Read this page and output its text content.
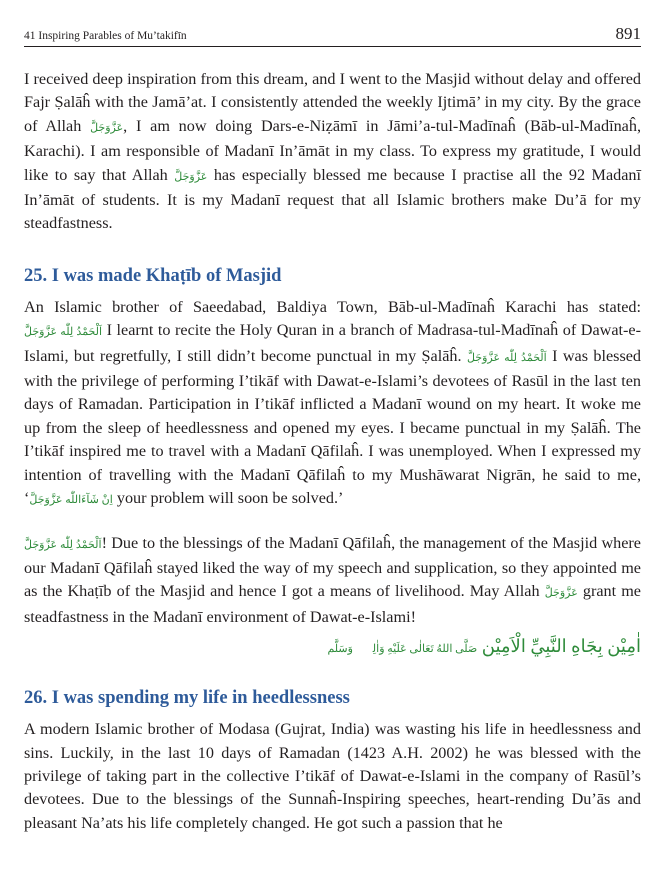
41 Inspiring Parables of Mu’takifīn	891

I received deep inspiration from this dream, and I went to the Masjid without delay and offered Fajr Ṣalāĥ with the Jamā’at. I consistently attended the weekly Ijtimā’ in my city. By the grace of Allah عَزَّوَجَلَّ, I am now doing Dars-e-Niẓāmī in Jāmi’a-tul-Madīnaĥ (Bāb-ul-Madīnaĥ, Karachi). I am responsible of Madanī In’āmāt in my class. To express my gratitude, I would like to say that Allah عَزَّوَجَلَّ has especially blessed me because I practise all the 92 Madanī In’āmāt of students. It is my Madanī request that all Islamic brothers make Du’ā for my steadfastness.

25. I was made Khaṭīb of Masjid

An Islamic brother of Saeedabad, Baldiya Town, Bāb-ul-Madīnaĥ Karachi has stated: اَلْحَمْدُ لِلّٰه عَزَّوَجَلَّ I learnt to recite the Holy Quran in a branch of Madrasa-tul-Madīnaĥ of Dawat-e-Islami, but regretfully, I still didn’t become punctual in my Ṣalāĥ. اَلْحَمْدُ لِلّٰه عَزَّوَجَلَّ I was blessed with the privilege of performing I’tikāf with Dawat-e-Islami’s devotees of Rasūl in the last ten days of Ramadan. Participation in I’tikāf inflicted a Madanī wound on my heart. It woke me up from the sleep of heedlessness and opened my eyes. I became punctual in my Ṣalāĥ. The I’tikāf inspired me to travel with a Madanī Qāfilaĥ. I was unemployed. When I expressed my intention of travelling with the Madanī Qāfilaĥ to my Mushāwarat Nigrān, he said to me, ‘اِنْ شَآءَاللّٰه عَزَّوَجَلَّ your problem will soon be solved.’

اَلْحَمْدُ لِلّٰه عَزَّوَجَلَّ! Due to the blessings of the Madanī Qāfilaĥ, the management of the Masjid where our Madanī Qāfilaĥ stayed liked the way of my speech and supplication, so they appointed me as the Khaṭīb of the Masjid and hence I got a means of livelihood. May Allah عَزَّوَجَلَّ grant me steadfastness in the Madanī environment of Dawat-e-Islami!

اٰمِيْن بِجَاهِ النَّبِيِّ الْاَمِيْن صَلَّى اللهُ تَعَالٰى عَلَيْهِ وَاٰلِهٖ وَسَلَّم
26. I was spending my life in heedlessness

A modern Islamic brother of Modasa (Gujrat, India) was wasting his life in heedlessness and sins. Luckily, in the last 10 days of Ramadan (1423 A.H. 2002) he was blessed with the privilege of taking part in the collective I’tikāf of Dawat-e-Islami in the company of Rasūl’s devotees. Due to the blessings of the Sunnaĥ-Inspiring speeches, heart-rending Du’ās and pleasant Na’ats his life completely changed. He got such a passion that he
